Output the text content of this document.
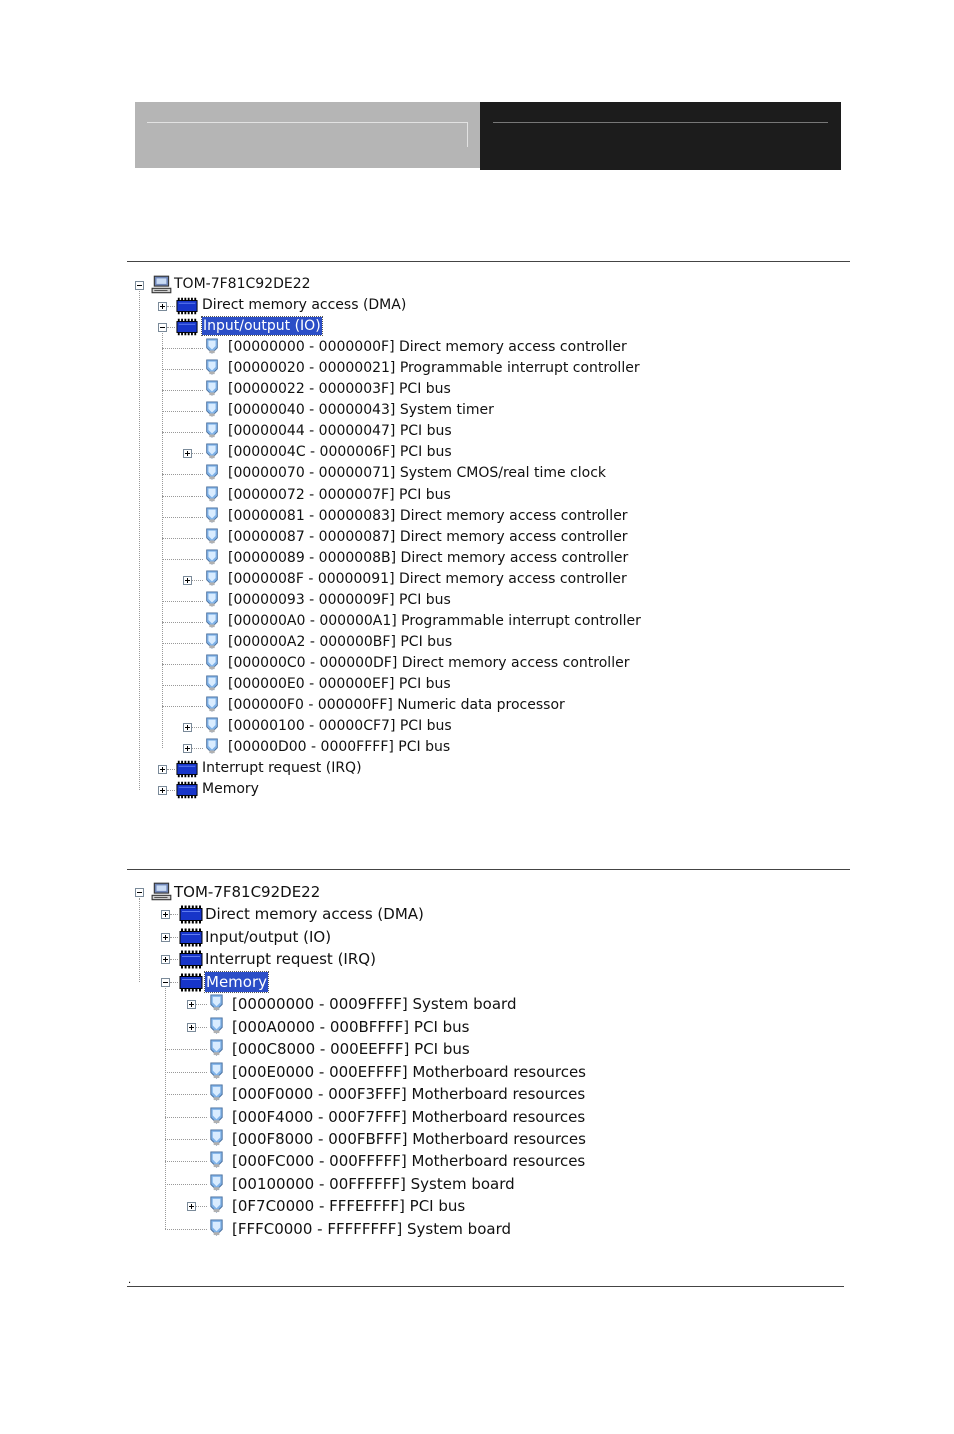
.
TOM-7F81C92DE22
Direct memory access (DMA)
Input/output (IO)
[00000000 - 0000000F] Direct memory access controller
[00000020 - 00000021] Programmable interrupt controller
[00000022 - 0000003F] PCI bus
[00000040 - 00000043] System timer
[00000044 - 00000047] PCI bus
[0000004C - 0000006F] PCI bus
[00000070 - 00000071] System CMOS/real time clock
[00000072 - 0000007F] PCI bus
[00000081 - 00000083] Direct memory access controller
[00000087 - 00000087] Direct memory access controller
[00000089 - 0000008B] Direct memory access controller
[0000008F - 00000091] Direct memory access controller
[00000093 - 0000009F] PCI bus
[000000A0 - 000000A1] Programmable interrupt controller
[000000A2 - 000000BF] PCI bus
[000000C0 - 000000DF] Direct memory access controller
[000000E0 - 000000EF] PCI bus
[000000F0 - 000000FF] Numeric data processor
[00000100 - 00000CF7] PCI bus
[00000D00 - 0000FFFF] PCI bus
Interrupt request (IRQ)
Memory
TOM-7F81C92DE22
Direct memory access (DMA)
Input/output (IO)
Interrupt request (IRQ)
Memory
[00000000 - 0009FFFF] System board
[000A0000 - 000BFFFF] PCI bus
[000C8000 - 000EEFFF] PCI bus
[000E0000 - 000EFFFF] Motherboard resources
[000F0000 - 000F3FFF] Motherboard resources
[000F4000 - 000F7FFF] Motherboard resources
[000F8000 - 000FBFFF] Motherboard resources
[000FC000 - 000FFFFF] Motherboard resources
[00100000 - 00FFFFFF] System board
[0F7C0000 - FFFEFFFF] PCI bus
[FFFC0000 - FFFFFFFF] System board
